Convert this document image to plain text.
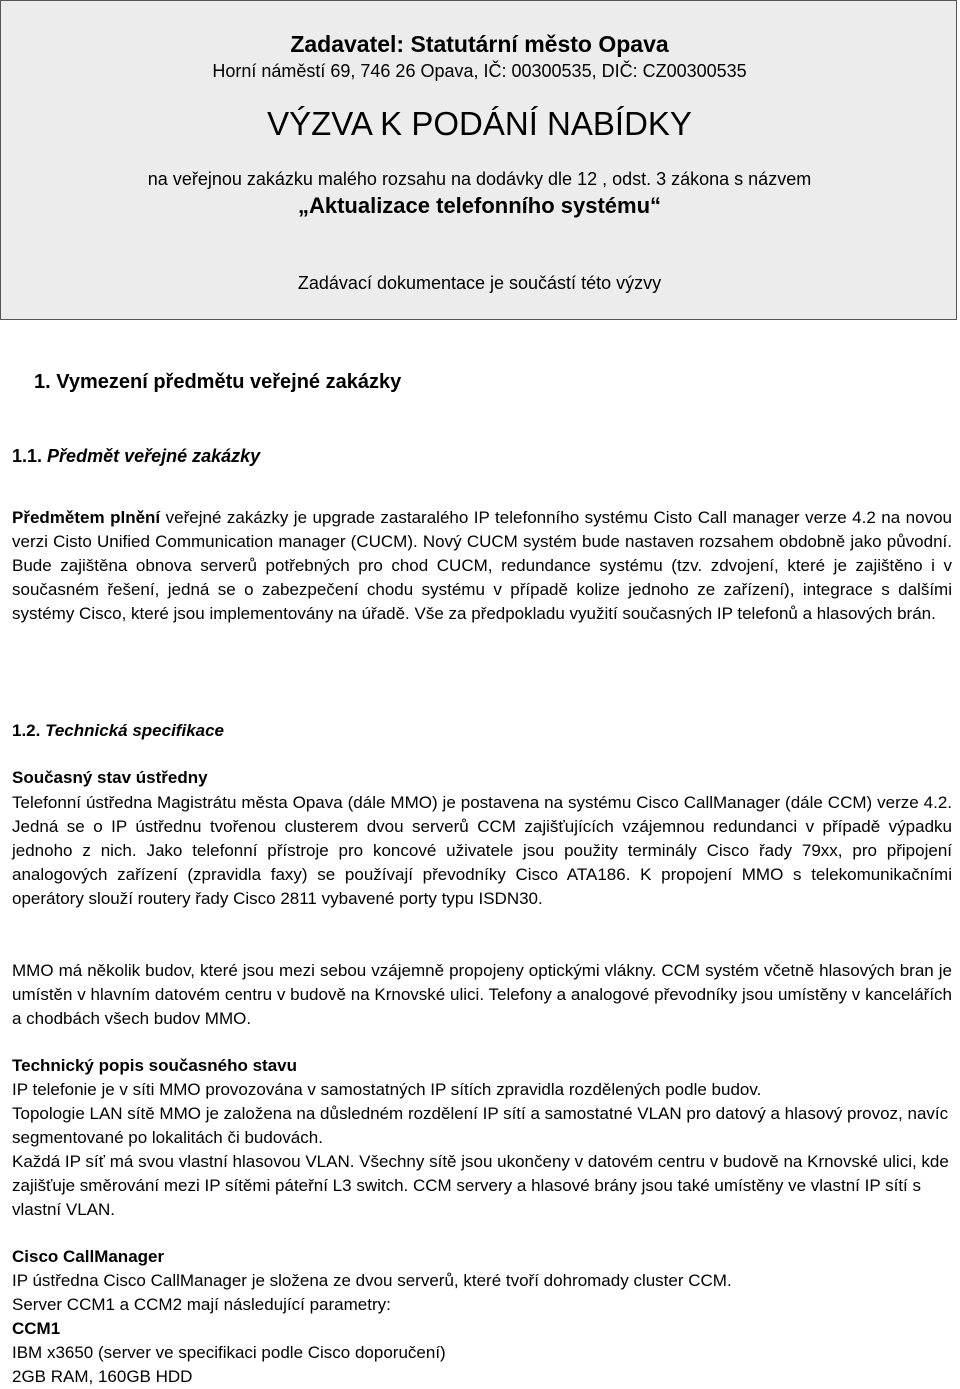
Zadavatel: Statutární město Opava
Horní náměstí 69, 746 26 Opava, IČ: 00300535, DIČ: CZ00300535
VÝZVA K PODÁNÍ NABÍDKY
na veřejnou zakázku malého rozsahu na dodávky dle 12 , odst. 3 zákona s názvem
„Aktualizace telefonního systému“
Zadávací dokumentace je součástí této výzvy
1. Vymezení předmětu veřejné zakázky
1.1. Předmět veřejné zakázky
Předmětem plnění veřejné zakázky je upgrade zastaralého IP telefonního systému Cisto Call manager verze 4.2 na novou verzi Cisto Unified Communication manager (CUCM). Nový CUCM systém bude nastaven rozsahem obdobně jako původní. Bude zajištěna obnova serverů potřebných pro chod CUCM, redundance systému (tzv. zdvojení, které je zajištěno i v současném řešení, jedná se o zabezpečení chodu systému v případě kolize jednoho ze zařízení), integrace s dalšími systémy Cisco, které jsou implementovány na úřadě. Vše za předpokladu využití současných IP telefonů a hlasových brán.
1.2. Technická specifikace
Současný stav ústředny
Telefonní ústředna Magistrátu města Opava (dále MMO) je postavena na systému Cisco CallManager (dále CCM) verze 4.2. Jedná se o IP ústřednu tvořenou clusterem dvou serverů CCM zajišťujících vzájemnou redundanci v případě výpadku jednoho z nich. Jako telefonní přístroje pro koncové uživatele jsou použity terminály Cisco řady 79xx, pro připojení analogových zařízení (zpravidla faxy) se používají převodníky Cisco ATA186. K propojení MMO s telekomunikačními operátory slouží routery řady Cisco 2811 vybavené porty typu ISDN30.
MMO má několik budov, které jsou mezi sebou vzájemně propojeny optickými vlákny. CCM systém včetně hlasových bran je umístěn v hlavním datovém centru v budově na Krnovské ulici. Telefony a analogové převodníky jsou umístěny v kancelářích a chodbách všech budov MMO.
Technický popis současného stavu
IP telefonie je v síti MMO provozována v samostatných IP sítích zpravidla rozdělených podle budov.
Topologie LAN sítě MMO je založena na důsledném rozdělení IP sítí a samostatné VLAN pro datový a hlasový provoz, navíc segmentované po lokalitách či budovách.
Každá IP síť má svou vlastní hlasovou VLAN. Všechny sítě jsou ukončeny v datovém centru v budově na Krnovské ulici, kde zajišťuje směrování mezi IP sítěmi páteřní L3 switch. CCM servery a hlasové brány jsou také umístěny ve vlastní IP sítí s vlastní VLAN.
Cisco CallManager
IP ústředna Cisco CallManager je složena ze dvou serverů, které tvoří dohromady cluster CCM.
Server CCM1 a CCM2 mají následující parametry:
CCM1
IBM x3650 (server ve specifikaci podle Cisco doporučení)
2GB RAM, 160GB HDD
